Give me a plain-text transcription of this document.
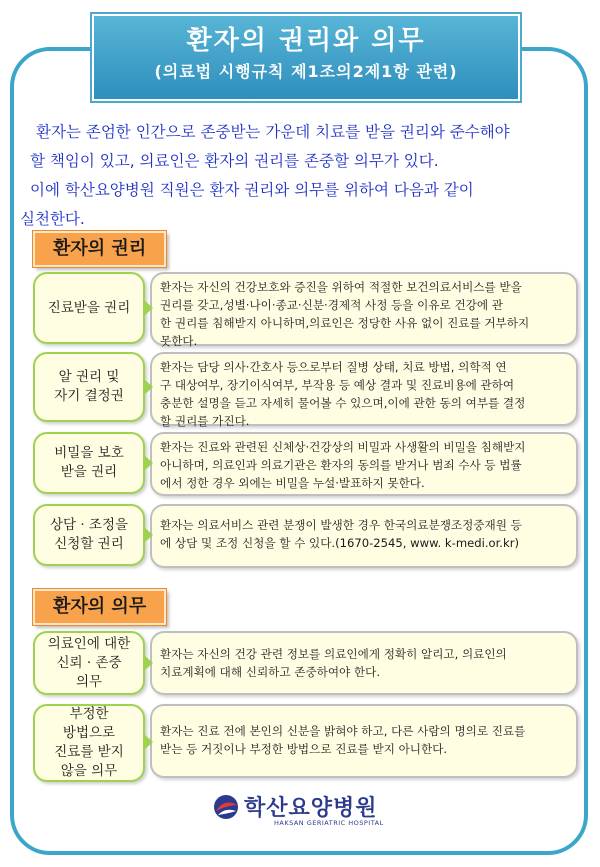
환자의 권리와 의무
(의료법 시행규칙 제1조의2제1항 관련)

환자는 존엄한 인간으로 존중받는 가운데 치료를 받을 권리와 준수해야

할 책임이 있고, 의료인은 환자의 권리를 존중할 의무가 있다.

이에 학산요양병원 직원은 환자 권리와 의무를 위하여 다음과 같이

실천한다.

환자의 권리
진료받을 권리
환자는 자신의 건강보호와 증진을 위하여 적절한 보건의료서비스를 받을
권리를 갖고,성별·나이·종교·신분·경제적 사정 등을 이유로 건강에 관
한 권리를 침해받지 아니하며,의료인은 정당한 사유 없이 진료를 거부하지
못한다.
알 권리 및
자기 결정권
환자는 담당 의사·간호사 등으로부터 질병 상태, 치료 방법, 의학적 연
구 대상여부, 장기이식여부, 부작용 등 예상 결과 및 진료비용에 관하여
충분한 설명을 듣고 자세히 물어볼 수 있으며,이에 관한 동의 여부를 결정
할 권리를 가진다.
비밀을 보호
받을 권리
환자는 진료와 관련된 신체상·건강상의 비밀과 사생활의 비밀을 침해받지
아니하며, 의료인과 의료기관은 환자의 동의를 받거나 범죄 수사 등 법률
에서 정한 경우 외에는 비밀을 누설·발표하지 못한다.
상담 · 조정을
신청할 권리
환자는 의료서비스 관련 분쟁이 발생한 경우 한국의료분쟁조정중재원 등
에 상담 및 조정 신청을 할 수 있다.(1670-2545, www. k-medi.or.kr)
환자의 의무
의료인에 대한
신뢰 · 존중
의무
환자는 자신의 건강 관련 정보를 의료인에게 정확히 알리고, 의료인의
치료계획에 대해 신뢰하고 존중하여야 한다.
부정한
방법으로
진료를 받지
않을 의무
환자는 진료 전에 본인의 신분을 밝혀야 하고, 다른 사람의 명의로 진료를
받는 등 거짓이나 부정한 방법으로 진료를 받지 아니한다.
학산요양병원
HAKSAN GERIATRIC HOSPITAL
